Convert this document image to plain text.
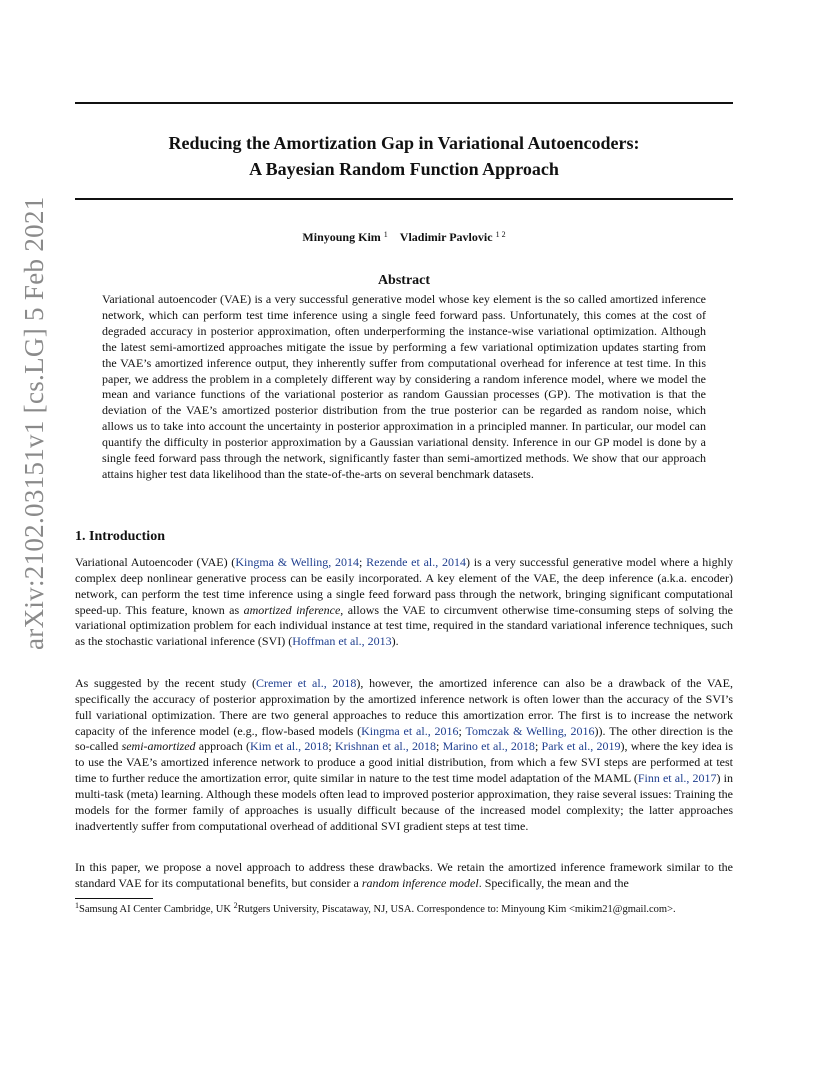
Reducing the Amortization Gap in Variational Autoencoders:
A Bayesian Random Function Approach
Minyoung Kim $^1$ Vladimir Pavlovic $^{1 2}$
arXiv:2102.03151v1 [cs.LG] 5 Feb 2021	Abstract

Variational autoencoder (VAE) is a very successful generative model whose key element is the so called amortized inference network, which can perform test time inference using a single feed forward pass. Unfortunately, this comes at the cost of degraded accuracy in posterior approximation, often underperforming the instance-wise variational optimization. Although the latest semi-amortized approaches mitigate the issue by performing a few variational optimization updates starting from the VAE’s amortized inference output, they inherently suffer from computational overhead for inference at test time. In this paper, we address the problem in a completely different way by considering a random inference model, where we model the mean and variance functions of the variational posterior as random Gaussian processes (GP). The motivation is that the deviation of the VAE’s amortized posterior distribution from the true posterior can be regarded as random noise, which allows us to take into account the uncertainty in posterior approximation in a principled manner. In particular, our model can quantify the difficulty in posterior approximation by a Gaussian variational density. Inference in our GP model is done by a single feed forward pass through the network, significantly faster than semi-amortized methods. We show that our approach attains higher test data likelihood than the state-of-the-arts on several benchmark datasets.

1. Introduction

Variational Autoencoder (VAE) (Kingma & Welling, 2014; Rezende et al., 2014) is a very successful generative model where a highly complex deep nonlinear generative process can be easily incorporated. A key element of the VAE, the deep inference (a.k.a. encoder) network, can perform the test time inference using a single feed forward pass through the network, bringing significant computational speed-up. This feature, known as amortized inference, allows the VAE to circumvent otherwise time-consuming steps of solving the variational optimization problem for each individual instance at test time, required in the standard variational inference techniques, such as the stochastic variational inference (SVI) (Hoffman et al., 2013).

As suggested by the recent study (Cremer et al., 2018), however, the amortized inference can also be a drawback of the VAE, specifically the accuracy of posterior approximation by the amortized inference network is often lower than the accuracy of the SVI’s full variational optimization. There are two general approaches to reduce this amortization error. The first is to increase the network capacity of the inference model (e.g., flow-based models (Kingma et al., 2016; Tomczak & Welling, 2016)). The other direction is the so-called semi-amortized approach (Kim et al., 2018; Krishnan et al., 2018; Marino et al., 2018; Park et al., 2019), where the key idea is to use the VAE’s amortized inference network to produce a good initial distribution, from which a few SVI steps are performed at test time to further reduce the amortization error, quite similar in nature to the test time model adaptation of the MAML (Finn et al., 2017) in multi-task (meta) learning. Although these models often lead to improved posterior approximation, they raise several issues: Training the models for the former family of approaches is usually difficult because of the increased model complexity; the latter approaches inadvertently suffer from computational overhead of additional SVI gradient steps at test time.

In this paper, we propose a novel approach to address these drawbacks. We retain the amortized inference framework similar to the standard VAE for its computational benefits, but consider a random inference model. Specifically, the mean and the

$^1$Samsung AI Center Cambridge, UK $^2$Rutgers University, Piscataway, NJ, USA. Correspondence to: Minyoung Kim <mikim21@gmail.com>.
